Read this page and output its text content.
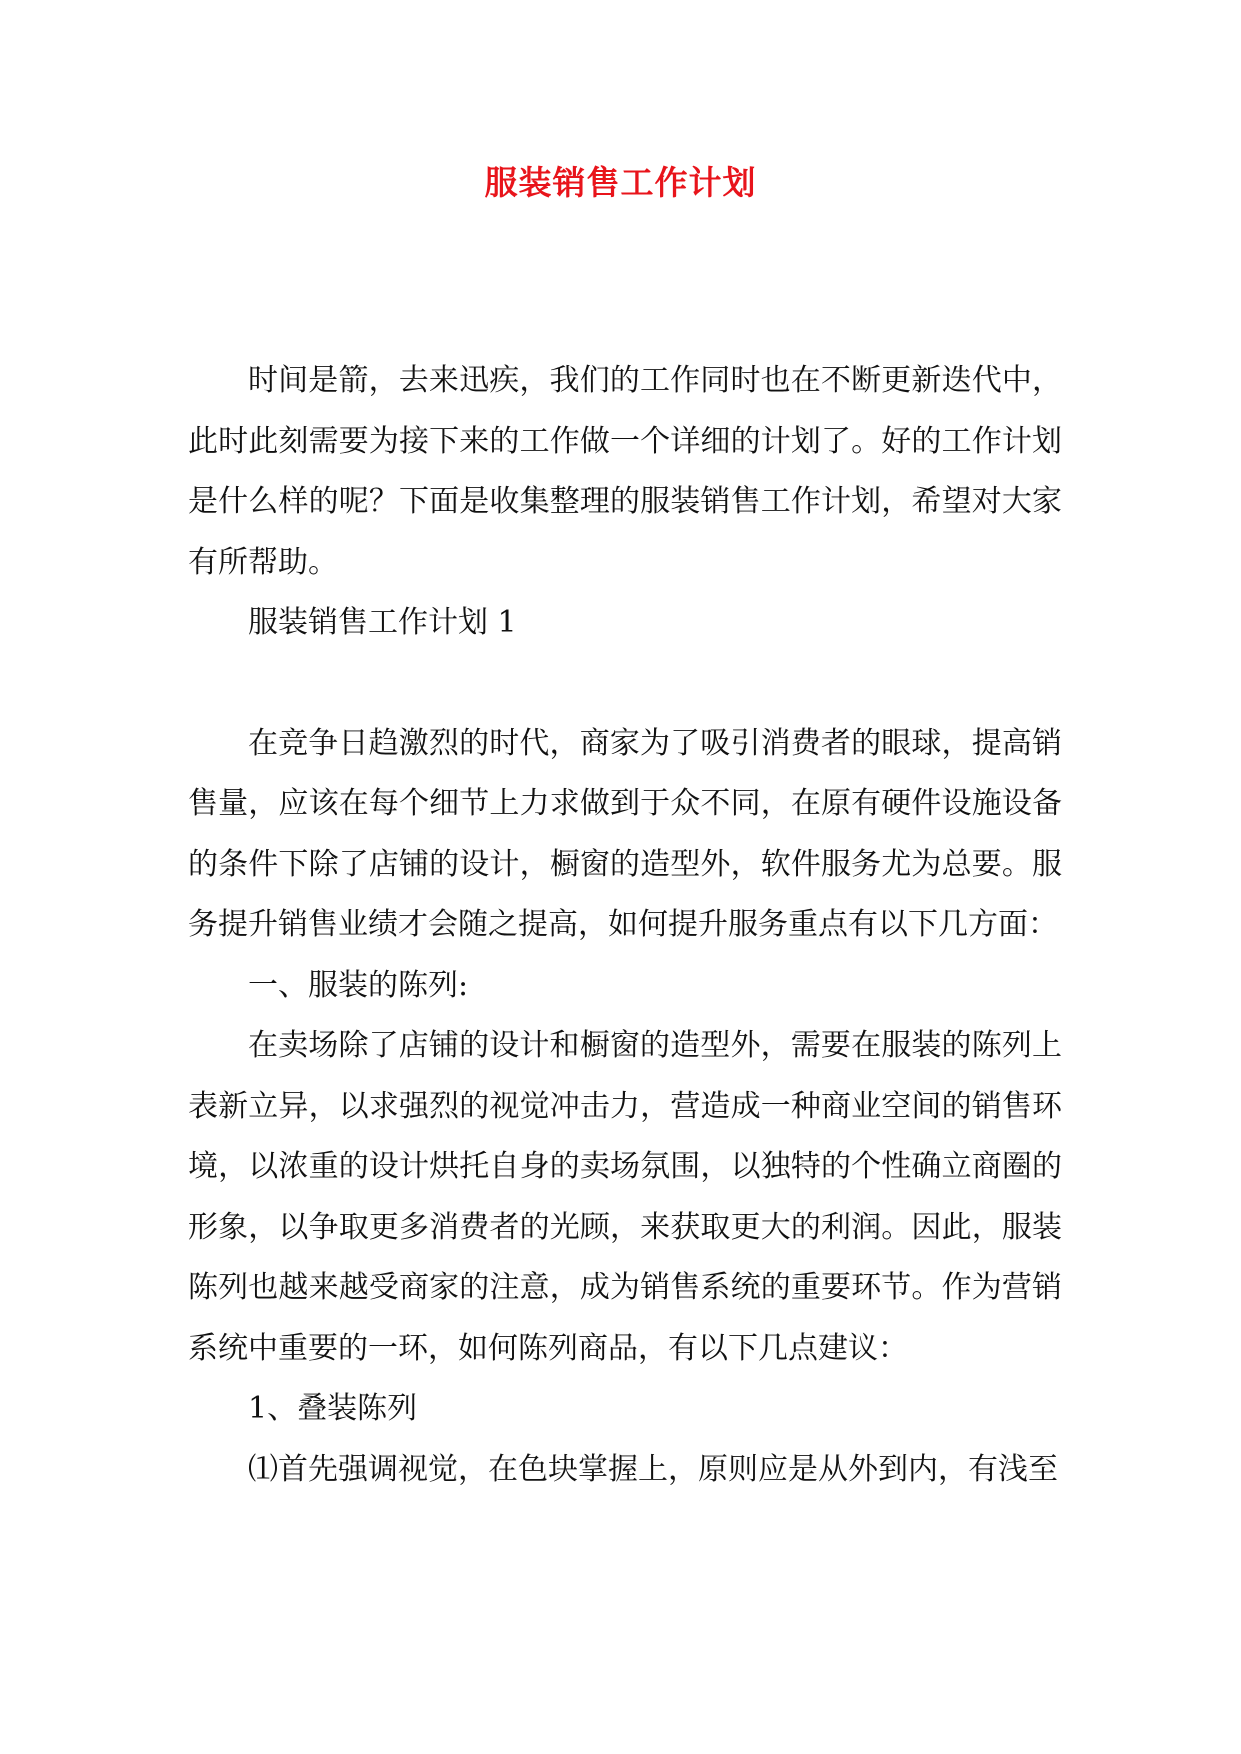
服装销售工作计划

时间是箭，去来迅疾，我们的工作同时也在不断更新迭代中，此时此刻需要为接下来的工作做一个详细的计划了。好的工作计划是什么样的呢？下面是收集整理的服装销售工作计划，希望对大家有所帮助。

服装销售工作计划 1

在竞争日趋激烈的时代，商家为了吸引消费者的眼球，提高销售量，应该在每个细节上力求做到于众不同，在原有硬件设施设备的条件下除了店铺的设计，橱窗的造型外，软件服务尤为总要。服务提升销售业绩才会随之提高，如何提升服务重点有以下几方面：

一、服装的陈列:

在卖场除了店铺的设计和橱窗的造型外，需要在服装的陈列上表新立异，以求强烈的视觉冲击力，营造成一种商业空间的销售环境，以浓重的设计烘托自身的卖场氛围，以独特的个性确立商圈的形象，以争取更多消费者的光顾，来获取更大的利润。因此，服装陈列也越来越受商家的注意，成为销售系统的重要环节。作为营销系统中重要的一环，如何陈列商品，有以下几点建议：

1、叠装陈列

⑴首先强调视觉，在色块掌握上，原则应是从外到内，有浅至
